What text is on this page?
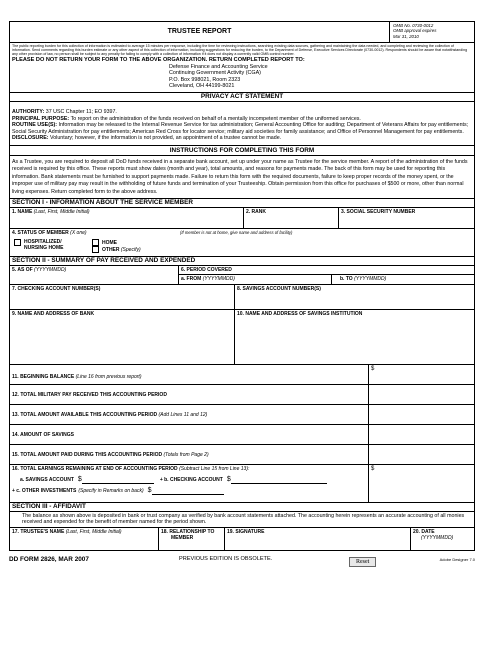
TRUSTEE REPORT
OMB No. 0730-0012
OMB approval expires
Mar 31, 2010
The public reporting burden for this collection of information is estimated to average 15 minutes per response, including the time for reviewing instructions, searching existing data sources, gathering and maintaining the data needed, and completing and reviewing the collection of information. Send comments regarding this burden estimate or any other aspect of this collection of information, including suggestions for reducing the burden, to the Department of Defense, Executive Services Directorate (0730-0012). Respondents should be aware that notwithstanding any other provision of law, no person shall be subject to any penalty for failing to comply with a collection of information if it does not display a currently valid OMB control number.
PLEASE DO NOT RETURN YOUR FORM TO THE ABOVE ORGANIZATION. RETURN COMPLETED REPORT TO:
Defense Finance and Accounting Service
Continuing Government Activity (CGA)
P.O. Box 998021, Room 2323
Cleveland, OH 44199-8021
PRIVACY ACT STATEMENT
AUTHORITY: 37 USC Chapter 11; EO 9397.
PRINCIPAL PURPOSE: To report on the administration of the funds received on behalf of a mentally incompetent member of the uniformed services.
ROUTINE USE(S): Information may be released to the Internal Revenue Service for tax administration; General Accounting Office for auditing; Department of Veterans Affairs for pay entitlements; Social Security Administration for pay entitlements; American Red Cross for locator service; military aid societies for family assistance; and Office of Personnel Management for pay entitlements.
DISCLOSURE: Voluntary; however, if the information is not provided, an appointment of a trustee cannot be made.
INSTRUCTIONS FOR COMPLETING THIS FORM
As a Trustee, you are required to deposit all DoD funds received in a separate bank account, set up under your name as Trustee for the service member. A report of the administration of the funds received is required by this office. These reports must show dates (month and year), total amounts, and reasons for payments made. The back of this form may be used for reporting this information. Bank statements must be furnished to support payments made. Failure to return this form with the required documents, failure to keep proper records of the money spent, or the improper use of military pay may result in the withholding of future funds and termination of your Trusteeship. Obtain permission from this office for purchases of $500 or more, other than normal living expenses. Return completed form to the above address.
SECTION I - INFORMATION ABOUT THE SERVICE MEMBER
1. NAME (Last, First, Middle Initial)	2. RANK	3. SOCIAL SECURITY NUMBER
4. STATUS OF MEMBER (X one)
HOSPITALIZED/
NURSING HOME
HOME
OTHER (Specify)
(If member is not at home, give name and address of facility)
SECTION II - SUMMARY OF PAY RECEIVED AND EXPENDED
5. AS OF (YYYYMMDD)	6. PERIOD COVERED
a. FROM (YYYYMMDD)	b. TO (YYYYMMDD)
7. CHECKING ACCOUNT NUMBER(S)	8. SAVINGS ACCOUNT NUMBER(S)
9. NAME AND ADDRESS OF BANK	10. NAME AND ADDRESS OF SAVINGS INSTITUTION
11. BEGINNING BALANCE (Line 16 from previous report)
$
12. TOTAL MILITARY PAY RECEIVED THIS ACCOUNTING PERIOD
13. TOTAL AMOUNT AVAILABLE THIS ACCOUNTING PERIOD (Add Lines 11 and 12)
14. AMOUNT OF SAVINGS
15. TOTAL AMOUNT PAID DURING THIS ACCOUNTING PERIOD (Totals from Page 2)
16. TOTAL EARNINGS REMAINING AT END OF ACCOUNTING PERIOD (Subtract Line 15 from Line 13):
a. SAVINGS ACCOUNT $	+ b. CHECKING ACCOUNT $
+ c. OTHER INVESTMENTS (Specify in Remarks on back) $
$
SECTION III - AFFIDAVIT
The balance as shown above is deposited in bank or trust company as verified by bank account statements attached. The accounting herein represents an accurate accounting of all monies received and expended for the benefit of member named for the period shown.
17. TRUSTEE'S NAME (Last, First, Middle Initial)	18. RELATIONSHIP TO
MEMBER
19. SIGNATURE	20. DATE
(YYYYMMDD)
DD FORM 2826, MAR 2007	PREVIOUS EDITION IS OBSOLETE.	Reset	Adobe Designer 7.0
